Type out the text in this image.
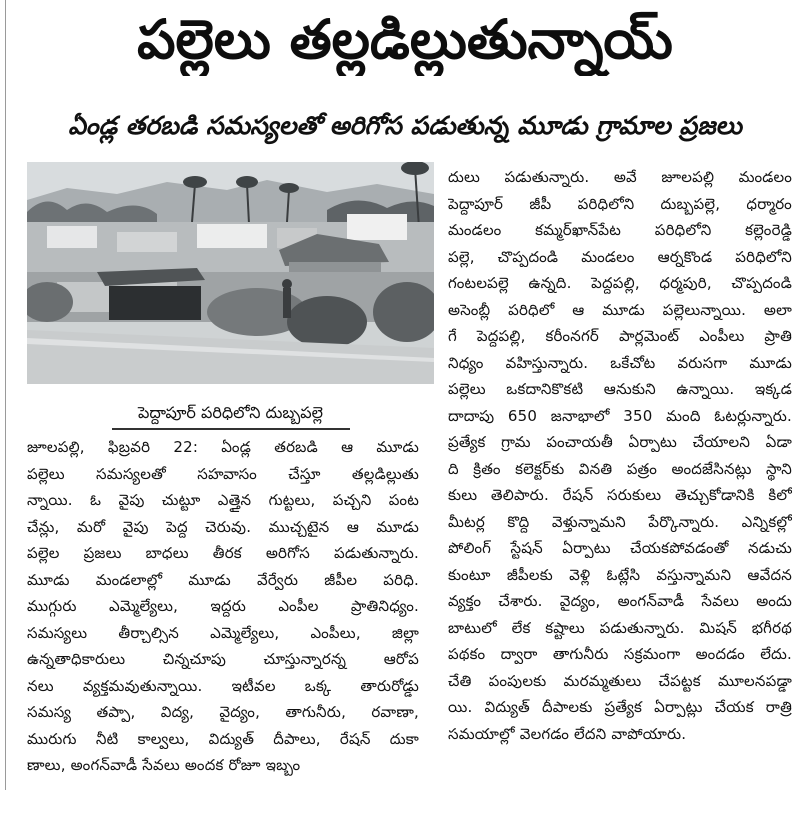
పల్లెలు తల్లడిల్లుతున్నాయ్
ఏండ్ల తరబడి సమస్యలతో అరిగోస పడుతున్న మూడు గ్రామాల ప్రజలు
పెద్దాపూర్ పరిధిలోని దుబ్బపల్లె
జూలపల్లి, ఫిబ్రవరి 22: ఏండ్ల తరబడి ఆ మూడు
పల్లెలు సమస్యలతో సహవాసం చేస్తూ తల్లడిల్లుతు
న్నాయి. ఓ వైపు చుట్టూ ఎత్తైన గుట్టలు, పచ్చని పంట
చేన్లు, మరో వైపు పెద్ద చెరువు. ముచ్చటైన ఆ మూడు
పల్లెల ప్రజలు బాధలు తీరక అరిగోస పడుతున్నారు.
మూడు మండలాల్లో మూడు వేర్వేరు జీపీల పరిధి.
ముగ్గురు ఎమ్మెల్యేలు, ఇద్దరు ఎంపీల ప్రాతినిధ్యం.
సమస్యలు తీర్చాల్సిన ఎమ్మెల్యేలు, ఎంపీలు, జిల్లా
ఉన్నతాధికారులు చిన్నచూపు చూస్తున్నారన్న ఆరోప
నలు వ్యక్తమవుతున్నాయి. ఇటీవల ఒక్క తారురోడ్డు
సమస్య తప్పా, విద్య, వైద్యం, తాగునీరు, రవాణా,
మురుగు నీటి కాల్వలు, విద్యుత్ దీపాలు, రేషన్ దుకా
ణాలు, అంగన్‌వాడీ సేవలు అందక రోజూ ఇబ్బం
దులు పడుతున్నారు. అవే జూలపల్లి మండలం
పెద్దాపూర్ జీపీ పరిధిలోని దుబ్బపల్లె, ధర్మారం
మండలం కమ్మర్‌ఖాన్‌పేట పరిధిలోని కల్లెంరెడ్డి
పల్లె, చొప్పదండి మండలం ఆర్నకొండ పరిధిలోని
గంటలపల్లె ఉన్నది. పెద్దపల్లి, ధర్మపురి, చొప్పదండి
అసెంబ్లీ పరిధిలో ఆ మూడు పల్లెలున్నాయి. అలా
గే పెద్దపల్లి, కరీంనగర్ పార్లమెంట్ ఎంపీలు ప్రాతి
నిధ్యం వహిస్తున్నారు. ఒకేచోట వరుసగా మూడు
పల్లెలు ఒకదానికొకటి ఆనుకుని ఉన్నాయి. ఇక్కడ
దాదాపు 650 జనాభాలో 350 మంది ఓటర్లున్నారు.
ప్రత్యేక గ్రామ పంచాయతీ ఏర్పాటు చేయాలని ఏడా
ది క్రితం కలెక్టర్‌కు వినతి పత్రం అందజేసినట్లు స్థాని
కులు తెలిపారు. రేషన్ సరుకులు తెచ్చుకోడానికి కిలో
మీటర్ల కొద్ది వెళ్తున్నామని పేర్కొన్నారు. ఎన్నికల్లో
పోలింగ్ స్టేషన్ ఏర్పాటు చేయకపోవడంతో నడుచు
కుంటూ జీపీలకు వెళ్లి ఓట్లేసి వస్తున్నామని ఆవేదన
వ్యక్తం చేశారు. వైద్యం, అంగన్‌వాడీ సేవలు అందు
బాటులో లేక కష్టాలు పడుతున్నారు. మిషన్ భగీరథ
పథకం ద్వారా తాగునీరు సక్రమంగా అందడం లేదు.
చేతి పంపులకు మరమ్మతులు చేపట్టక మూలనపడ్డా
యి. విద్యుత్ దీపాలకు ప్రత్యేక ఏర్పాట్లు చేయక రాత్రి
సమయాల్లో వెలగడం లేదని వాపోయారు.
